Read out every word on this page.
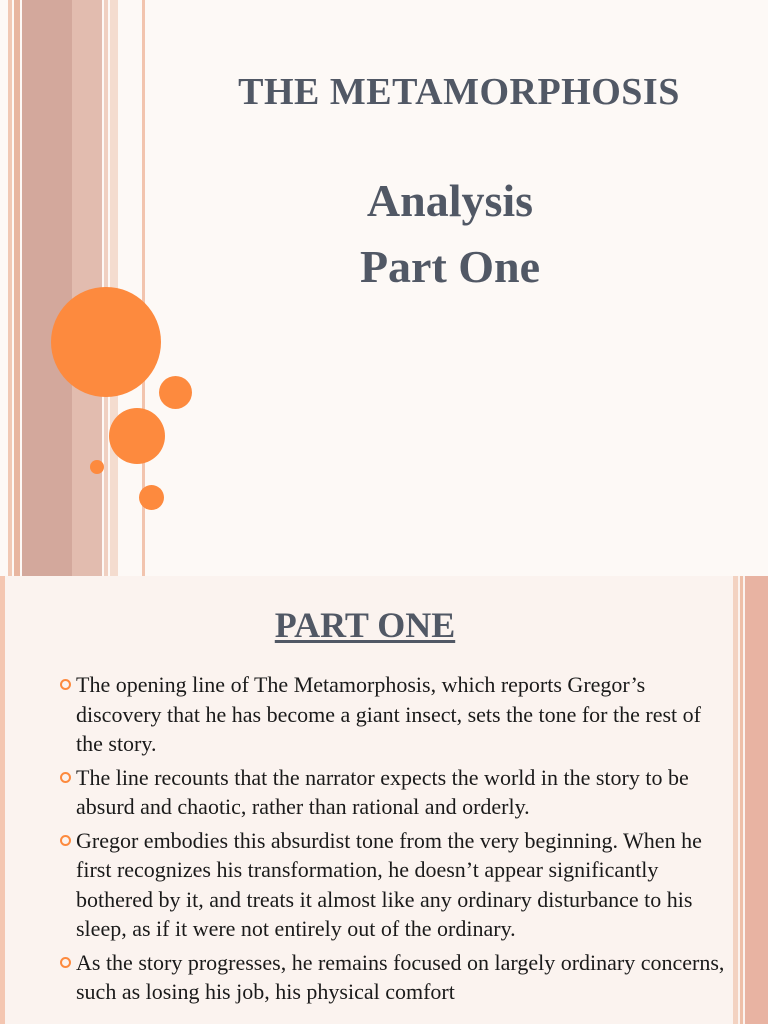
THE METAMORPHOSIS
Analysis
Part One
PART ONE
The opening line of The Metamorphosis, which reports Gregor’s discovery that he has become a giant insect, sets the tone for the rest of the story.
The line recounts that the narrator expects the world in the story to be absurd and chaotic, rather than rational and orderly.
Gregor embodies this absurdist tone from the very beginning. When he first recognizes his transformation, he doesn’t appear significantly bothered by it, and treats it almost like any ordinary disturbance to his sleep, as if it were not entirely out of the ordinary.
As the story progresses, he remains focused on largely ordinary concerns, such as losing his job, his physical comfort
